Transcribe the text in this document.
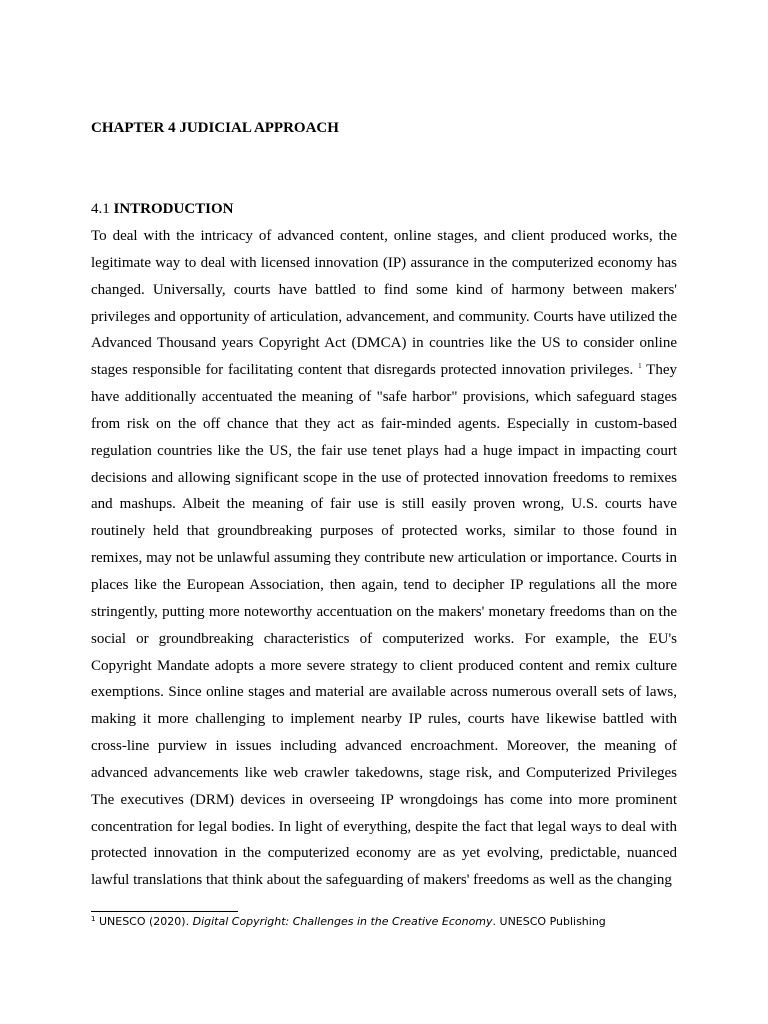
CHAPTER 4 JUDICIAL APPROACH
4.1 INTRODUCTION

To deal with the intricacy of advanced content, online stages, and client produced works, the legitimate way to deal with licensed innovation (IP) assurance in the computerized economy has changed. Universally, courts have battled to find some kind of harmony between makers' privileges and opportunity of articulation, advancement, and community. Courts have utilized the Advanced Thousand years Copyright Act (DMCA) in countries like the US to consider online stages responsible for facilitating content that disregards protected innovation privileges. $^1$ They have additionally accentuated the meaning of "safe harbor" provisions, which safeguard stages from risk on the off chance that they act as fair-minded agents. Especially in custom-based regulation countries like the US, the fair use tenet plays had a huge impact in impacting court decisions and allowing significant scope in the use of protected innovation freedoms to remixes and mashups. Albeit the meaning of fair use is still easily proven wrong, U.S. courts have routinely held that groundbreaking purposes of protected works, similar to those found in remixes, may not be unlawful assuming they contribute new articulation or importance. Courts in places like the European Association, then again, tend to decipher IP regulations all the more stringently, putting more noteworthy accentuation on the makers' monetary freedoms than on the social or groundbreaking characteristics of computerized works. For example, the EU's Copyright Mandate adopts a more severe strategy to client produced content and remix culture exemptions. Since online stages and material are available across numerous overall sets of laws, making it more challenging to implement nearby IP rules, courts have likewise battled with cross-line purview in issues including advanced encroachment. Moreover, the meaning of advanced advancements like web crawler takedowns, stage risk, and Computerized Privileges The executives (DRM) devices in overseeing IP wrongdoings has come into more prominent concentration for legal bodies. In light of everything, despite the fact that legal ways to deal with protected innovation in the computerized economy are as yet evolving, predictable, nuanced lawful translations that think about the safeguarding of makers' freedoms as well as the changing

$^1$ UNESCO (2020). Digital Copyright: Challenges in the Creative Economy. UNESCO Publishing
